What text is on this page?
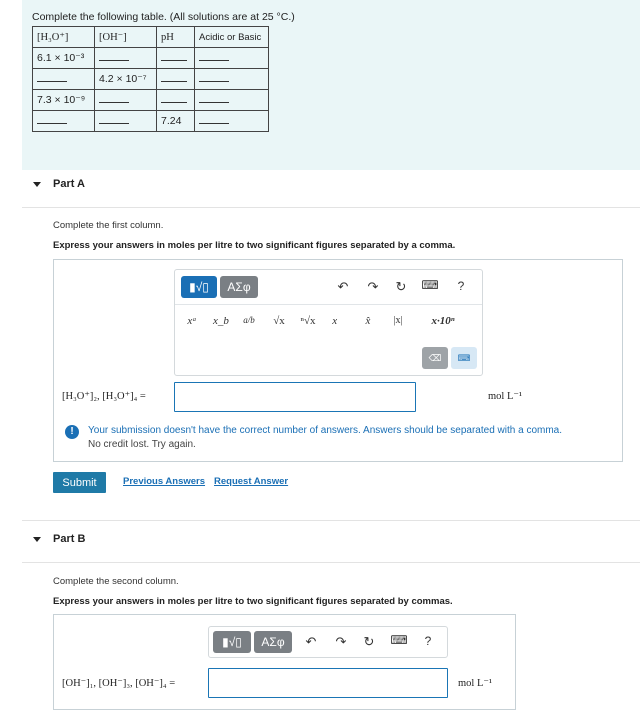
Complete the following table. (All solutions are at 25 °C.)
[H₃O⁺]	[OH⁻]	pH	Acidic or Basic
6.1 × 10⁻³			
	4.2 × 10⁻⁷		
7.3 × 10⁻⁹			
		7.24	
Part A
Complete the first column.
Express your answers in moles per litre to two significant figures separated by a comma.
▮√▯	ΑΣφ	↶ ↷ ↻ ⌨	?
xᵃ	x_b	a/b	√x	ⁿ√x	x⃗	x̂	|x|	x·10ⁿ
⌫	⌨
[H₃O⁺]₂, [H₃O⁺]₄ =	mol L⁻¹
!	Your submission doesn't have the correct number of answers. Answers should be separated with a comma.
No credit lost. Try again.
Submit	Previous Answers Request Answer
Part B
Complete the second column.
Express your answers in moles per litre to two significant figures separated by commas.
▮√▯	ΑΣφ	↶ ↷ ↻ ⌨	?
[OH⁻]₁, [OH⁻]₃, [OH⁻]₄ =	mol L⁻¹
